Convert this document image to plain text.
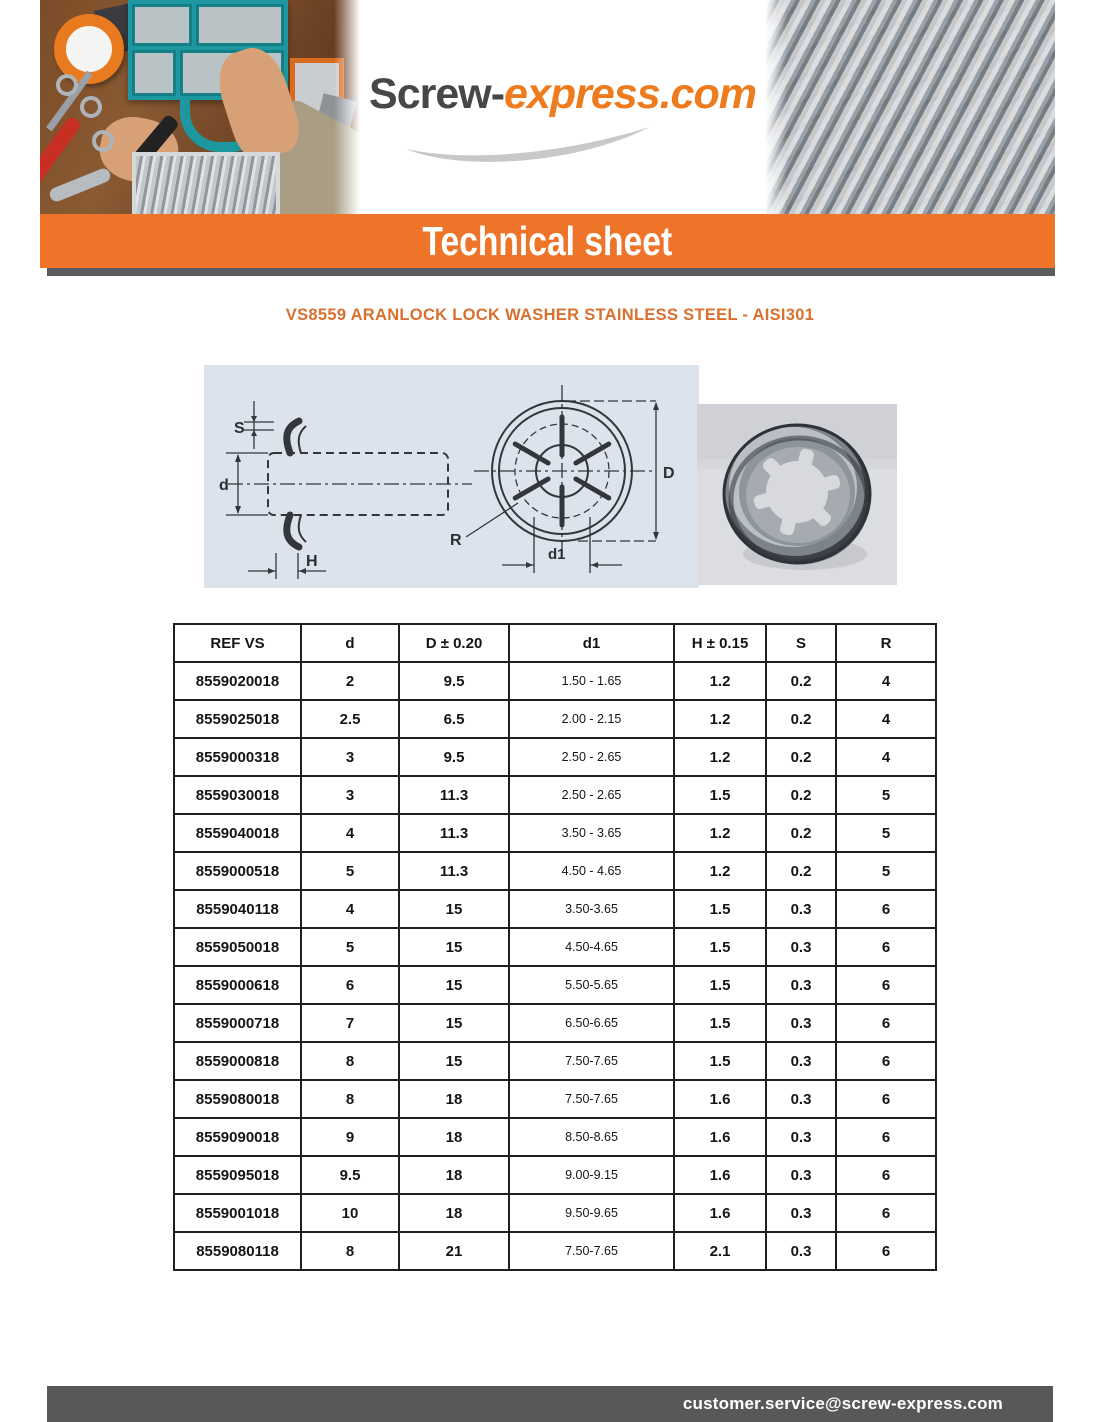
Screw-express.com
Technical sheet
VS8559 ARANLOCK LOCK WASHER STAINLESS STEEL - AISI301
S
d
H
R
D
d1
REF VS	d	D ± 0.20	d1	H ± 0.15	S	R
8559020018	2	9.5	1.50 - 1.65	1.2	0.2	4
8559025018	2.5	6.5	2.00 - 2.15	1.2	0.2	4
8559000318	3	9.5	2.50 - 2.65	1.2	0.2	4
8559030018	3	11.3	2.50 - 2.65	1.5	0.2	5
8559040018	4	11.3	3.50 - 3.65	1.2	0.2	5
8559000518	5	11.3	4.50 - 4.65	1.2	0.2	5
8559040118	4	15	3.50-3.65	1.5	0.3	6
8559050018	5	15	4.50-4.65	1.5	0.3	6
8559000618	6	15	5.50-5.65	1.5	0.3	6
8559000718	7	15	6.50-6.65	1.5	0.3	6
8559000818	8	15	7.50-7.65	1.5	0.3	6
8559080018	8	18	7.50-7.65	1.6	0.3	6
8559090018	9	18	8.50-8.65	1.6	0.3	6
8559095018	9.5	18	9.00-9.15	1.6	0.3	6
8559001018	10	18	9.50-9.65	1.6	0.3	6
8559080118	8	21	7.50-7.65	2.1	0.3	6
customer.service@screw-express.com
